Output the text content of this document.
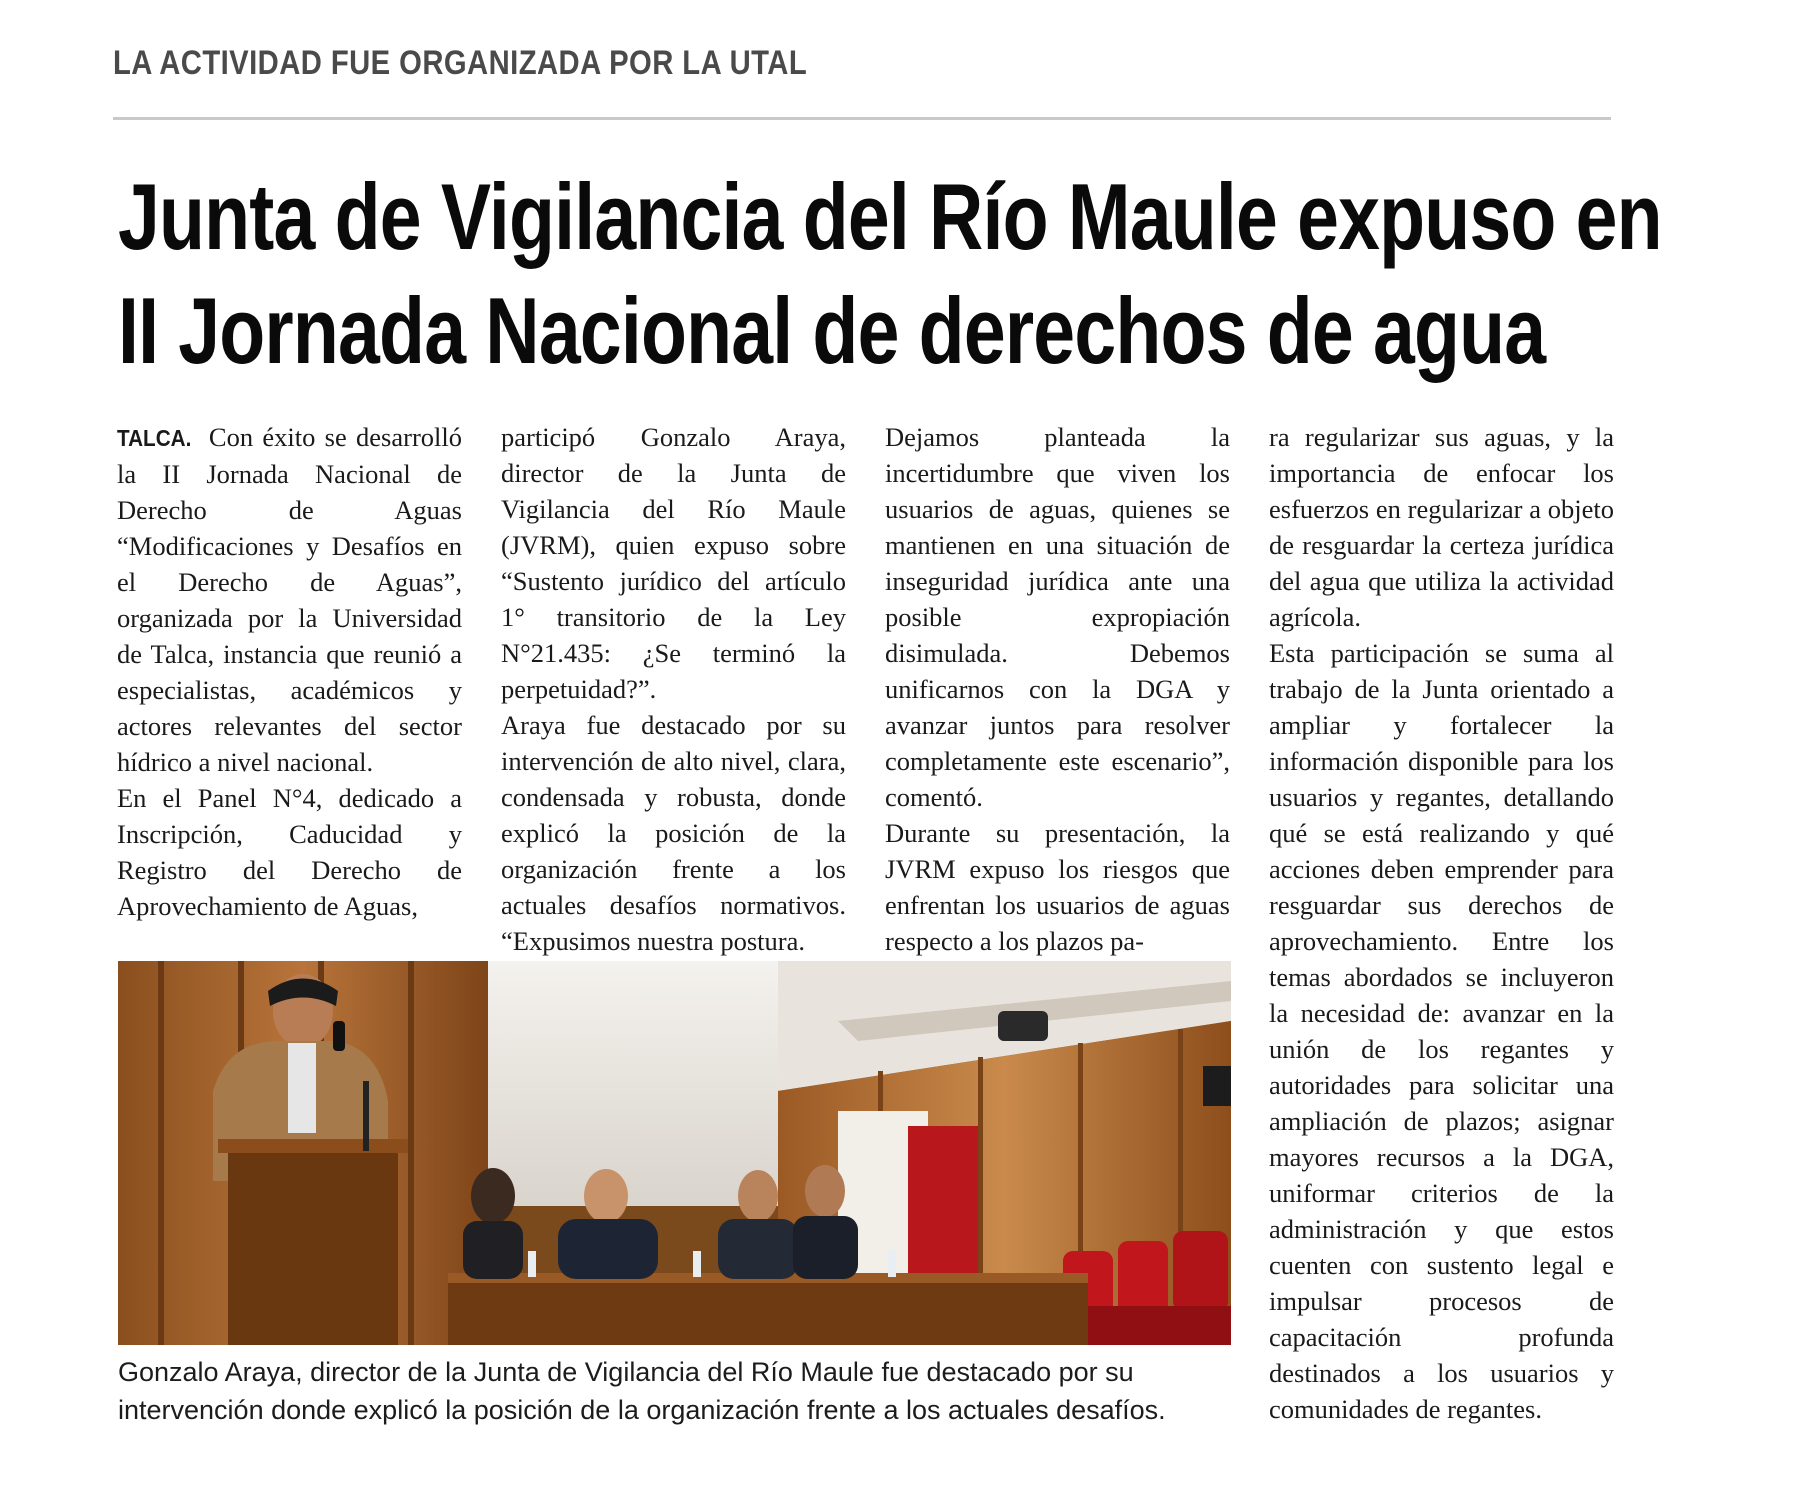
LA ACTIVIDAD FUE ORGANIZADA POR LA UTAL
Junta de Vigilancia del Río Maule expuso en
II Jornada Nacional de derechos de agua

TALCA. Con éxito se desarrolló la II Jornada Nacional de Derecho de Aguas “Modificaciones y Desafíos en el Derecho de Aguas”, organizada por la Universidad de Talca, instancia que reunió a especialistas, académicos y actores relevantes del sector hídrico a nivel nacional.

En el Panel N°4, dedicado a Inscripción, Caducidad y Registro del Derecho de Aprovechamiento de Aguas,

participó Gonzalo Araya, director de la Junta de Vigilancia del Río Maule (JVRM), quien expuso sobre “Sustento jurídico del artículo 1° transitorio de la Ley N°21.435: ¿Se terminó la perpetuidad?”.

Araya fue destacado por su intervención de alto nivel, clara, condensada y robusta, donde explicó la posición de la organización frente a los actuales desafíos normativos. “Expusimos nuestra postura.

Dejamos planteada la incertidumbre que viven los usuarios de aguas, quienes se mantienen en una situación de inseguridad jurídica ante una posible expropiación disimulada. Debemos unificarnos con la DGA y avanzar juntos para resolver completamente este escenario”, comentó.

Durante su presentación, la JVRM expuso los riesgos que enfrentan los usuarios de aguas respecto a los plazos pa-

ra regularizar sus aguas, y la importancia de enfocar los esfuerzos en regularizar a objeto de resguardar la certeza jurídica del agua que utiliza la actividad agrícola.

Esta participación se suma al trabajo de la Junta orientado a ampliar y fortalecer la información disponible para los usuarios y regantes, detallando qué se está realizando y qué acciones deben emprender para resguardar sus derechos de aprovechamiento. Entre los temas abordados se incluyeron la necesidad de: avanzar en la unión de los regantes y autoridades para solicitar una ampliación de plazos; asignar mayores recursos a la DGA, uniformar criterios de la administración y que estos cuenten con sustento legal e impulsar procesos de capacitación profunda destinados a los usuarios y comunidades de regantes.

Gonzalo Araya, director de la Junta de Vigilancia del Río Maule fue destacado por su intervención donde explicó la posición de la organización frente a los actuales desafíos.
